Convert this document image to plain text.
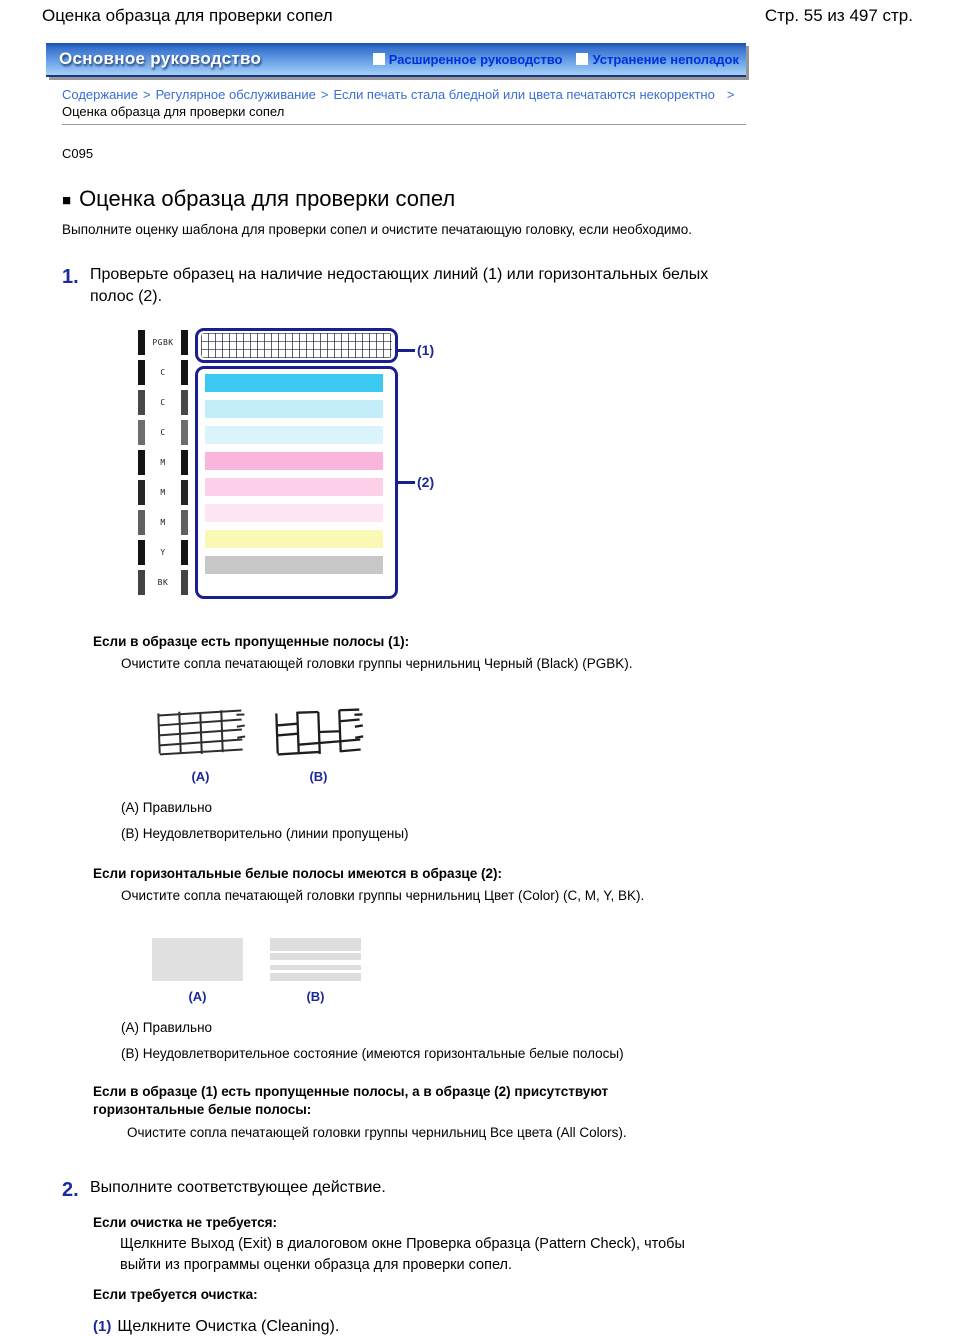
Оценка образца для проверки сопел	Стр. 55 из 497 стр.
Основное руководство	Расширенное руководство Устранение неполадок
Содержание > Регулярное обслуживание > Если печать стала бледной или цвета печатаются некорректно >
Оценка образца для проверки сопел
C095
■ Оценка образца для проверки сопел

Выполните оценку шаблона для проверки сопел и очистите печатающую головку, если необходимо.

1. Проверьте образец на наличие недостающих линий (1) или горизонтальных белых полос (2).
PGBK
C
C
C
M
M
M
Y
BK
(1)
(2)
Если в образце есть пропущенные полосы (1):
Очистите сопла печатающей головки группы чернильниц Черный (Black) (PGBK).
(A)	(B)
(A) Правильно
(B) Неудовлетворительно (линии пропущены)
Если горизонтальные белые полосы имеются в образце (2):
Очистите сопла печатающей головки группы чернильниц Цвет (Color) (C, M, Y, BK).
(A)	(B)
(A) Правильно
(B) Неудовлетворительное состояние (имеются горизонтальные белые полосы)
Если в образце (1) есть пропущенные полосы, а в образце (2) присутствуют горизонтальные белые полосы:
Очистите сопла печатающей головки группы чернильниц Все цвета (All Colors).
2. Выполните соответствующее действие.
Если очистка не требуется:
Щелкните Выход (Exit) в диалоговом окне Проверка образца (Pattern Check), чтобы выйти из программы оценки образца для проверки сопел.
Если требуется очистка:
(1) Щелкните Очистка (Cleaning).
